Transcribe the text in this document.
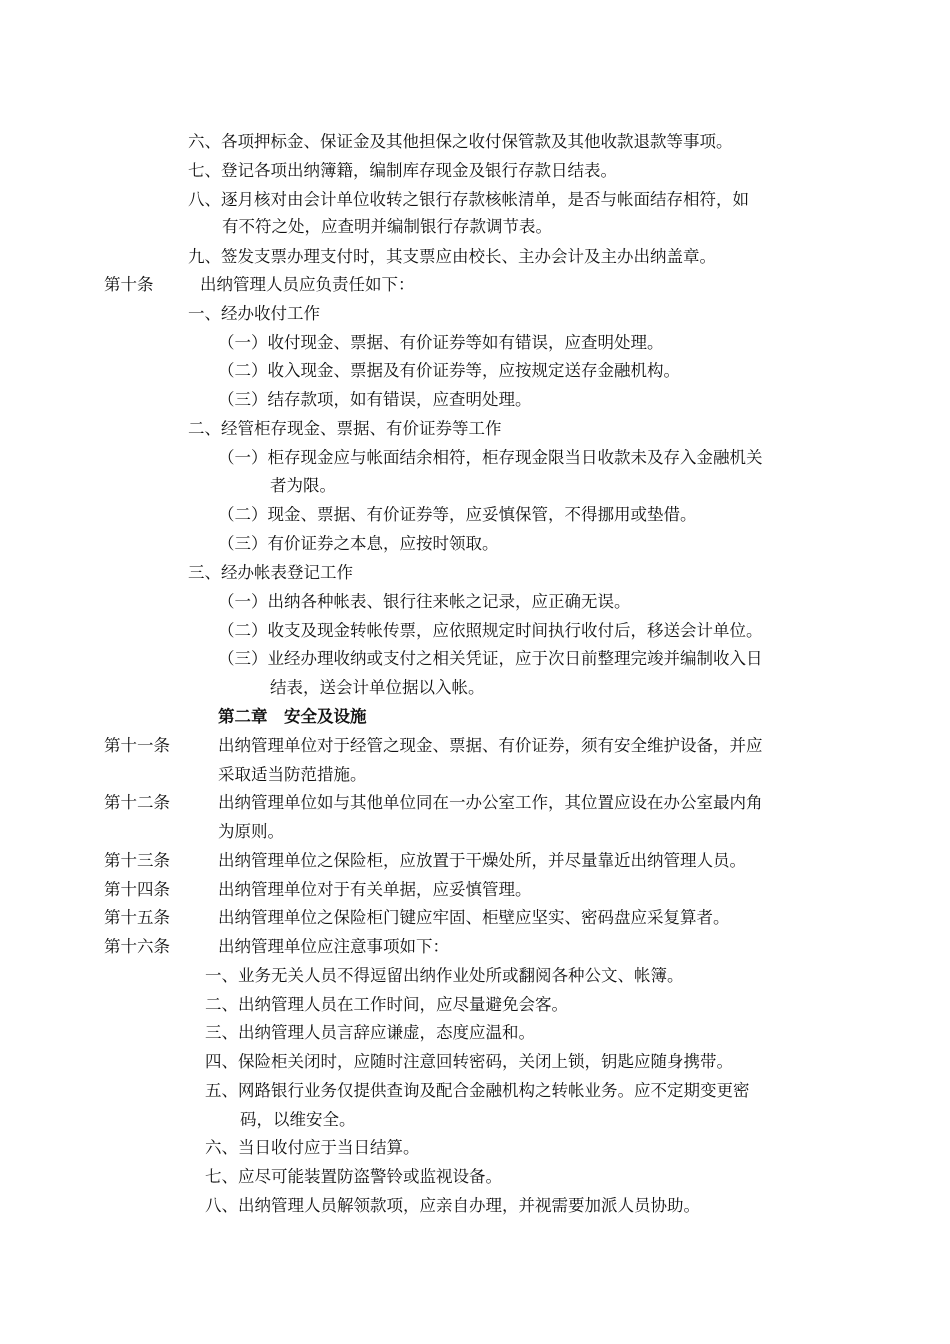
六、各项押标金、保证金及其他担保之收付保管款及其他收款退款等事项。
七、登记各项出纳簿籍，编制库存现金及银行存款日结表。
八、逐月核对由会计单位收转之银行存款核帐清单，是否与帐面结存相符，如
有不符之处，应查明并编制银行存款调节表。
九、签发支票办理支付时，其支票应由校长、主办会计及主办出纳盖章。
第十条	出纳管理人员应负责任如下：
一、经办收付工作
（一）收付现金、票据、有价证券等如有错误，应查明处理。
（二）收入现金、票据及有价证券等，应按规定送存金融机构。
（三）结存款项，如有错误，应查明处理。
二、经管柜存现金、票据、有价证券等工作
（一）柜存现金应与帐面结余相符，柜存现金限当日收款未及存入金融机关
者为限。
（二）现金、票据、有价证券等，应妥慎保管，不得挪用或垫借。
（三）有价证券之本息，应按时领取。
三、经办帐表登记工作
（一）出纳各种帐表、银行往来帐之记录，应正确无误。
（二）收支及现金转帐传票，应依照规定时间执行收付后，移送会计单位。
（三）业经办理收纳或支付之相关凭证，应于次日前整理完竣并编制收入日
结表，送会计单位据以入帐。
第二章　安全及设施
第十一条	出纳管理单位对于经管之现金、票据、有价证券，须有安全维护设备，并应
采取适当防范措施。
第十二条	出纳管理单位如与其他单位同在一办公室工作，其位置应设在办公室最内角
为原则。
第十三条	出纳管理单位之保险柜，应放置于干燥处所，并尽量靠近出纳管理人员。
第十四条	出纳管理单位对于有关单据，应妥慎管理。
第十五条	出纳管理单位之保险柜门键应牢固、柜壁应坚实、密码盘应采复算者。
第十六条	出纳管理单位应注意事项如下：
一、业务无关人员不得逗留出纳作业处所或翻阅各种公文、帐簿。
二、出纳管理人员在工作时间，应尽量避免会客。
三、出纳管理人员言辞应谦虚，态度应温和。
四、保险柜关闭时，应随时注意回转密码，关闭上锁，钥匙应随身携带。
五、网路银行业务仅提供查询及配合金融机构之转帐业务。应不定期变更密
码，以维安全。
六、当日收付应于当日结算。
七、应尽可能装置防盗警铃或监视设备。
八、出纳管理人员解领款项，应亲自办理，并视需要加派人员协助。
